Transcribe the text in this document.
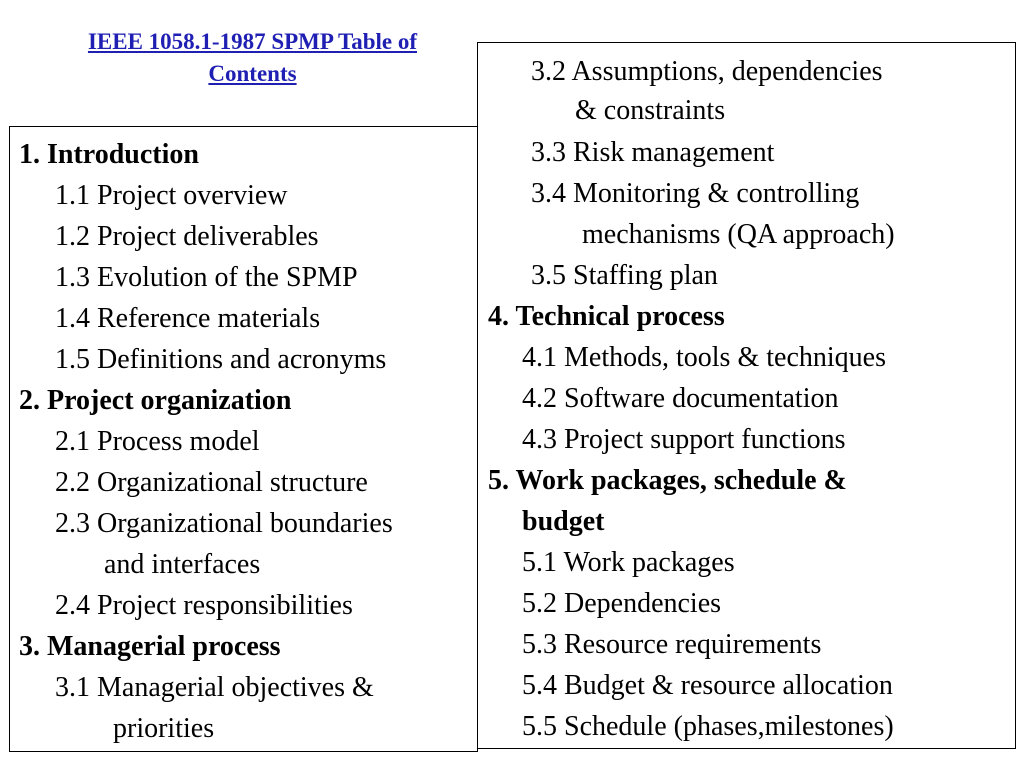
IEEE 1058.1-1987 SPMP Table of
Contents
1. Introduction
1.1 Project overview
1.2 Project deliverables
1.3 Evolution of the SPMP
1.4 Reference materials
1.5 Definitions and acronyms
2. Project organization
2.1 Process model
2.2 Organizational structure
2.3 Organizational boundaries
and interfaces
2.4 Project responsibilities
3. Managerial process
3.1 Managerial objectives &
priorities
3.2 Assumptions, dependencies
& constraints
3.3 Risk management
3.4 Monitoring & controlling
mechanisms (QA approach)
3.5 Staffing plan
4. Technical process
4.1 Methods, tools & techniques
4.2 Software documentation
4.3 Project support functions
5. Work packages, schedule &
budget
5.1 Work packages
5.2 Dependencies
5.3 Resource requirements
5.4 Budget & resource allocation
5.5 Schedule (phases,milestones)
